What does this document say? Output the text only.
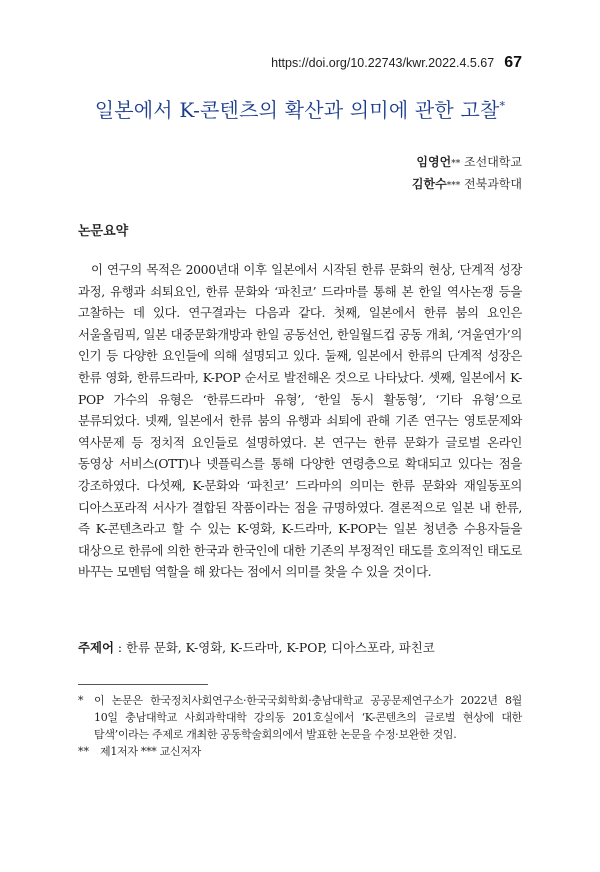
https://doi.org/10.22743/kwr.2022.4.5.67 67
일본에서 K-콘텐츠의 확산과 의미에 관한 고찰*
임영언** 조선대학교
김한수*** 전북과학대
논문요약

이 연구의 목적은 2000년대 이후 일본에서 시작된 한류 문화의 현상, 단계적 성장 과정, 유행과 쇠퇴요인, 한류 문화와 ‘파친코’ 드라마를 통해 본 한일 역사논쟁 등을 고찰하는 데 있다. 연구결과는 다음과 같다. 첫째, 일본에서 한류 붐의 요인은 서울올림픽, 일본 대중문화개방과 한일 공동선언, 한일월드컵 공동 개최, ‘겨울연가’의 인기 등 다양한 요인들에 의해 설명되고 있다. 둘째, 일본에서 한류의 단계적 성장은 한류 영화, 한류드라마, K-POP 순서로 발전해온 것으로 나타났다. 셋째, 일본에서 K-POP 가수의 유형은 ‘한류드라마 유형’, ‘한일 동시 활동형’, ‘기타 유형’으로 분류되었다. 넷째, 일본에서 한류 붐의 유행과 쇠퇴에 관해 기존 연구는 영토문제와 역사문제 등 정치적 요인들로 설명하였다. 본 연구는 한류 문화가 글로벌 온라인 동영상 서비스(OTT)나 넷플릭스를 통해 다양한 연령층으로 확대되고 있다는 점을 강조하였다. 다섯째, K-문화와 ‘파친코’ 드라마의 의미는 한류 문화와 재일동포의 디아스포라적 서사가 결합된 작품이라는 점을 규명하였다. 결론적으로 일본 내 한류, 즉 K-콘텐츠라고 할 수 있는 K-영화, K-드라마, K-POP는 일본 청년층 수용자들을 대상으로 한류에 의한 한국과 한국인에 대한 기존의 부정적인 태도를 호의적인 태도로 바꾸는 모멘텀 역할을 해 왔다는 점에서 의미를 찾을 수 있을 것이다.

주제어 : 한류 문화, K-영화, K-드라마, K-POP, 디아스포라, 파친코
* 이 논문은 한국정치사회연구소·한국국회학회·충남대학교 공공문제연구소가 2022년 8월 10일 충남대학교 사회과학대학 강의동 201호실에서 ‘K-콘텐츠의 글로벌 현상에 대한 탐색’이라는 주제로 개최한 공동학술회의에서 발표한 논문을 수정·보완한 것임.
**	제1저자 *** 교신저자
